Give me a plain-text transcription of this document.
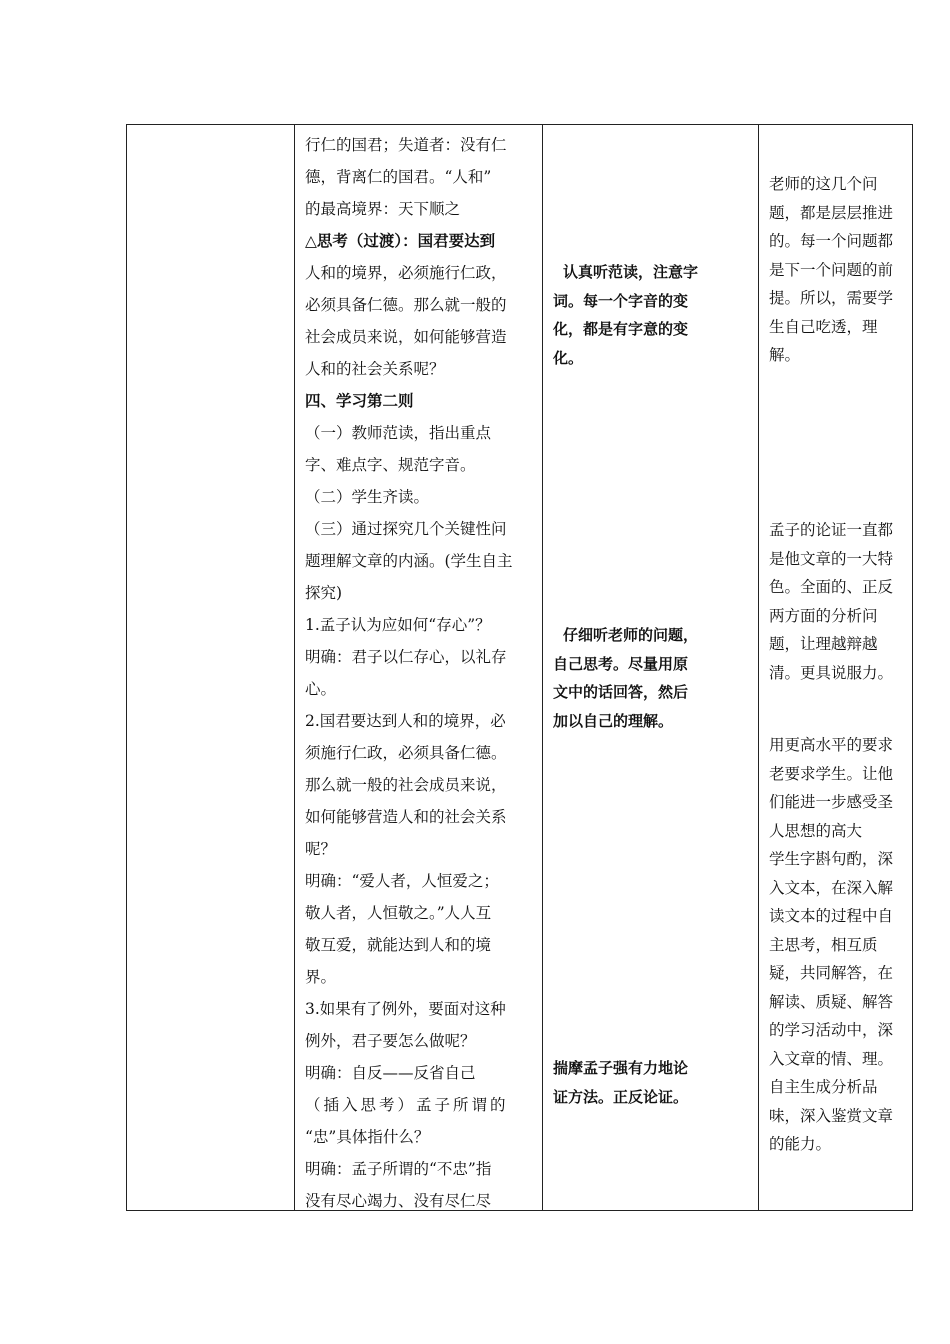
行仁的国君；失道者：没有仁
德，背离仁的国君。“人和”
的最高境界：天下顺之
△思考（过渡）：国君要达到
人和的境界，必须施行仁政，
必须具备仁德。那么就一般的
社会成员来说，如何能够营造
人和的社会关系呢？
四、学习第二则
（一）教师范读，指出重点
字、难点字、规范字音。
（二）学生齐读。
（三）通过探究几个关键性问
题理解文章的内涵。(学生自主
探究)
1.孟子认为应如何“存心”？
明确：君子以仁存心，以礼存
心。
2.国君要达到人和的境界，必
须施行仁政，必须具备仁德。
那么就一般的社会成员来说，
如何能够营造人和的社会关系
呢？
明确：“爱人者，人恒爱之；
敬人者，人恒敬之。”人人互
敬互爱，就能达到人和的境
界。
3.如果有了例外，要面对这种
例外，君子要怎么做呢？
明确：自反——反省自己
（插入思考）孟子所谓的
“忠”具体指什么？
明确：孟子所谓的“不忠”指
没有尽心竭力、没有尽仁尽
认真听范读，注意字
词。每一个字音的变
化，都是有字意的变
化。
仔细听老师的问题，
自己思考。尽量用原
文中的话回答，然后
加以自己的理解。
揣摩孟子强有力地论
证方法。正反论证。
老师的这几个问
题，都是层层推进
的。每一个问题都
是下一个问题的前
提。所以，需要学
生自己吃透，理
解。
孟子的论证一直都
是他文章的一大特
色。全面的、正反
两方面的分析问
题，让理越辩越
清。更具说服力。
用更高水平的要求
老要求学生。让他
们能进一步感受圣
人思想的高大
学生字斟句酌，深
入文本，在深入解
读文本的过程中自
主思考，相互质
疑，共同解答，在
解读、质疑、解答
的学习活动中，深
入文章的情、理。
自主生成分析品
味，深入鉴赏文章
的能力。
